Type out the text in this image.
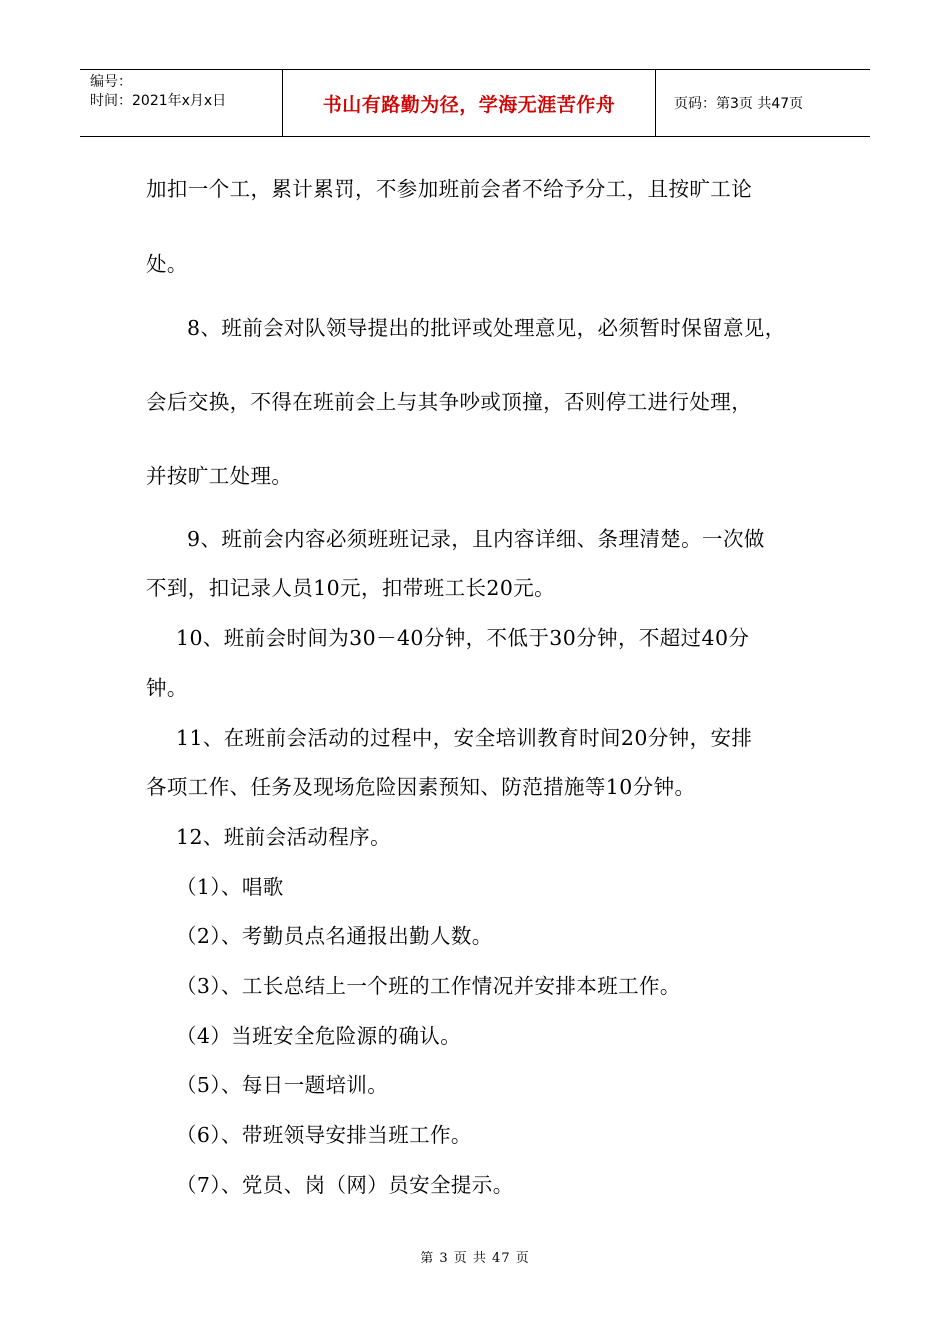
编号：
时间：2021年x月x日	书山有路勤为径，学海无涯苦作舟	页码：第3页 共47页
加扣一个工，累计累罚，不参加班前会者不给予分工，且按旷工论
处。
8、班前会对队领导提出的批评或处理意见，必须暂时保留意见，
会后交换，不得在班前会上与其争吵或顶撞，否则停工进行处理，
并按旷工处理。
9、班前会内容必须班班记录，且内容详细、条理清楚。一次做
不到，扣记录人员10元，扣带班工长20元。
10、班前会时间为30－40分钟，不低于30分钟，不超过40分
钟。
11、在班前会活动的过程中，安全培训教育时间20分钟，安排
各项工作、任务及现场危险因素预知、防范措施等10分钟。
12、班前会活动程序。
（1）、唱歌
（2）、考勤员点名通报出勤人数。
（3）、工长总结上一个班的工作情况并安排本班工作。
（4）当班安全危险源的确认。
（5）、每日一题培训。
（6）、带班领导安排当班工作。
（7）、党员、岗（网）员安全提示。
第 3 页 共 47 页
